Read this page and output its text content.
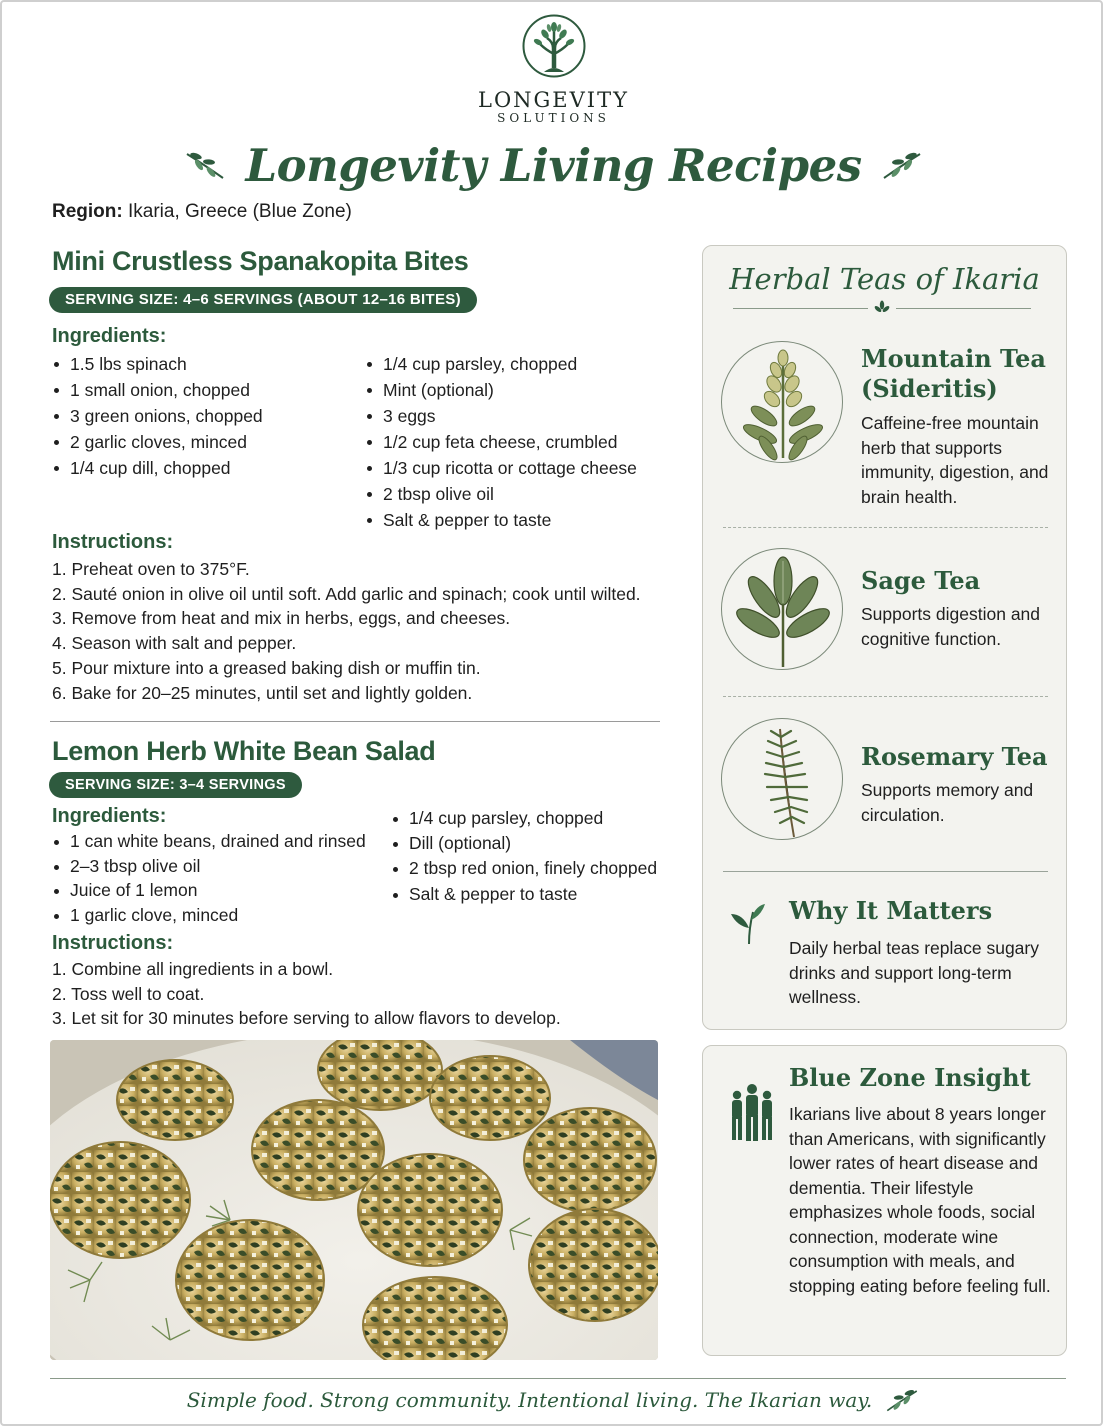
LONGEVITY
SOLUTIONS
Longevity Living Recipes
Region: Ikaria, Greece (Blue Zone)
Mini Crustless Spanakopita Bites
SERVING SIZE: 4–6 SERVINGS (ABOUT 12–16 BITES)
Ingredients:
1.5 lbs spinach
1 small onion, chopped
3 green onions, chopped
2 garlic cloves, minced
1/4 cup dill, chopped
1/4 cup parsley, chopped
Mint (optional)
3 eggs
1/2 cup feta cheese, crumbled
1/3 cup ricotta or cottage cheese
2 tbsp olive oil
Salt & pepper to taste
Instructions:
1. Preheat oven to 375°F.
2. Sauté onion in olive oil until soft. Add garlic and spinach; cook until wilted.
3. Remove from heat and mix in herbs, eggs, and cheeses.
4. Season with salt and pepper.
5. Pour mixture into a greased baking dish or muffin tin.
6. Bake for 20–25 minutes, until set and lightly golden.
Lemon Herb White Bean Salad
SERVING SIZE: 3–4 SERVINGS
Ingredients:
1 can white beans, drained and rinsed
2–3 tbsp olive oil
Juice of 1 lemon
1 garlic clove, minced
1/4 cup parsley, chopped
Dill (optional)
2 tbsp red onion, finely chopped
Salt & pepper to taste
Instructions:
1. Combine all ingredients in a bowl.
2. Toss well to coat.
3. Let sit for 30 minutes before serving to allow flavors to develop.
Herbal Teas of Ikaria
Mountain Tea (Sideritis)
Caffeine-free mountain herb that supports immunity, digestion, and brain health.
Sage Tea
Supports digestion and cognitive function.
Rosemary Tea
Supports memory and circulation.
Why It Matters
Daily herbal teas replace sugary drinks and support long-term wellness.
Blue Zone Insight
Ikarians live about 8 years longer than Americans, with significantly lower rates of heart disease and dementia. Their lifestyle emphasizes whole foods, social connection, moderate wine consumption with meals, and stopping eating before feeling full.
Simple food. Strong community. Intentional living. The Ikarian way.
